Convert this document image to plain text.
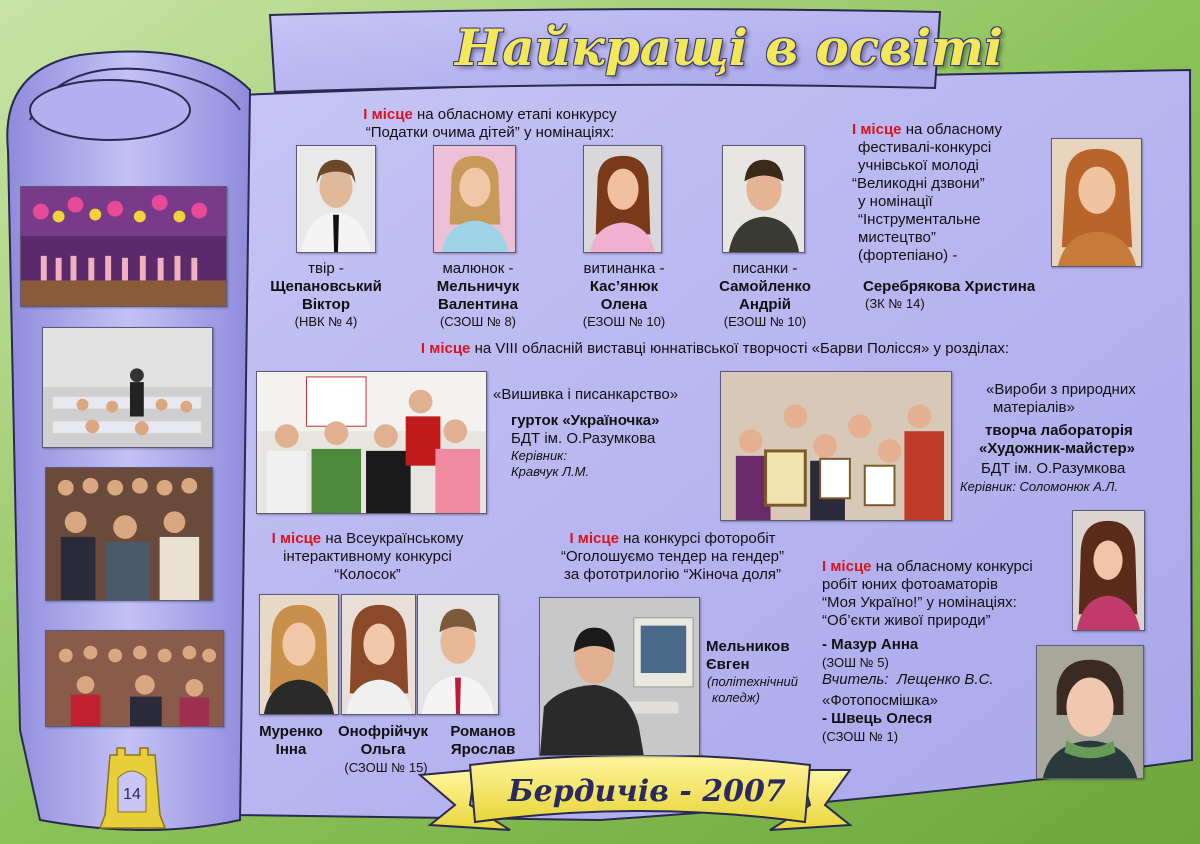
Найкращі в освіті
Бердичів - 2007
14
І місце на обласному етапі конкурсу
“Податки очима дітей” у номінаціях:
твір -
Щепановський
Віктор
(НВК № 4)
малюнок -
Мельничук
Валентина
(СЗОШ № 8)
витинанка -
Кас’янюк
Олена
(ЕЗОШ № 10)
писанки -
Самойленко
Андрій
(ЕЗОШ № 10)
І місце на обласному
фестивалі-конкурсі
учнівської молоді
“Великодні дзвони”
у номінації
“Інструментальне
мистецтво”
(фортепіано) -
Серебрякова Христина
(ЗК № 14)
І місце на VIII обласній виставці юннатівської творчості «Барви Полісся» у розділах:
«Вишивка і писанкарство»
гурток «Україночка»
БДТ ім. О.Разумкова
Керівник:
Кравчук Л.М.
«Вироби з природних
матеріалів»
творча лабораторія
«Художник-майстер»
БДТ ім. О.Разумкова
Керівник: Соломонюк А.Л.
І місце на Всеукраїнському
інтерактивному конкурсі
“Колосок”
Муренко
Інна
Онофрійчук
Ольга
Романов
Ярослав
(СЗОШ № 15)
І місце на конкурсі фоторобіт
“Оголошуємо тендер на гендер”
за фототрилогію “Жіноча доля”
Мельников
Євген
(політехнічний
коледж)
І місце на обласному конкурсі
робіт юних фотоаматорів
“Моя Україно!” у номінаціях:
“Об’єкти живої природи”
- Мазур Анна
(ЗОШ № 5)
Вчитель: Лещенко В.С.
«Фотопосмішка»
- Швець Олеся
(СЗОШ № 1)
